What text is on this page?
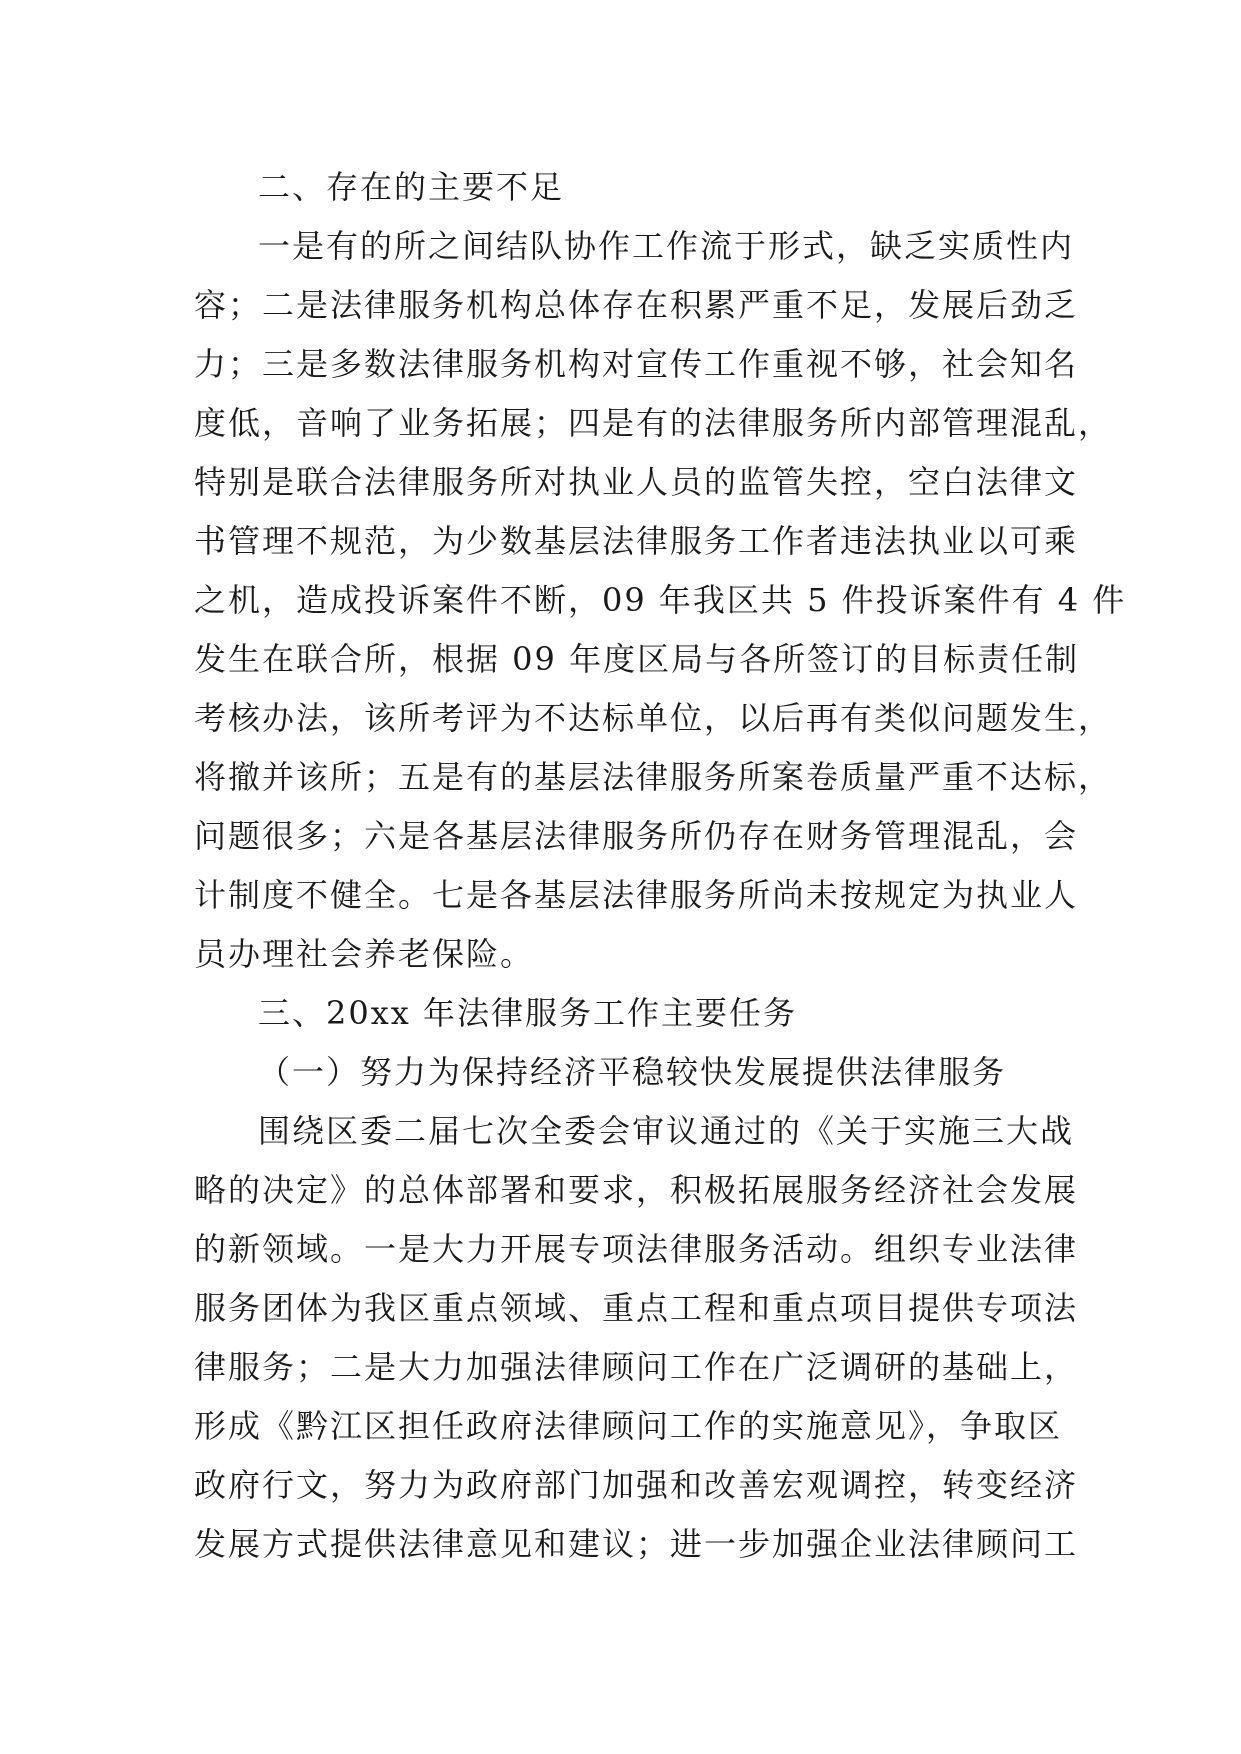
二、存在的主要不足
一是有的所之间结队协作工作流于形式，缺乏实质性内
容；二是法律服务机构总体存在积累严重不足，发展后劲乏
力；三是多数法律服务机构对宣传工作重视不够，社会知名
度低，音响了业务拓展；四是有的法律服务所内部管理混乱，
特别是联合法律服务所对执业人员的监管失控，空白法律文
书管理不规范，为少数基层法律服务工作者违法执业以可乘
之机，造成投诉案件不断，09 年我区共 5 件投诉案件有 4 件
发生在联合所，根据 09 年度区局与各所签订的目标责任制
考核办法，该所考评为不达标单位，以后再有类似问题发生，
将撤并该所；五是有的基层法律服务所案卷质量严重不达标，
问题很多；六是各基层法律服务所仍存在财务管理混乱，会
计制度不健全。七是各基层法律服务所尚未按规定为执业人
员办理社会养老保险。
三、20xx 年法律服务工作主要任务
（一）努力为保持经济平稳较快发展提供法律服务
围绕区委二届七次全委会审议通过的《关于实施三大战
略的决定》的总体部署和要求，积极拓展服务经济社会发展
的新领域。一是大力开展专项法律服务活动。组织专业法律
服务团体为我区重点领域、重点工程和重点项目提供专项法
律服务；二是大力加强法律顾问工作在广泛调研的基础上，
形成《黔江区担任政府法律顾问工作的实施意见》，争取区
政府行文，努力为政府部门加强和改善宏观调控，转变经济
发展方式提供法律意见和建议；进一步加强企业法律顾问工
